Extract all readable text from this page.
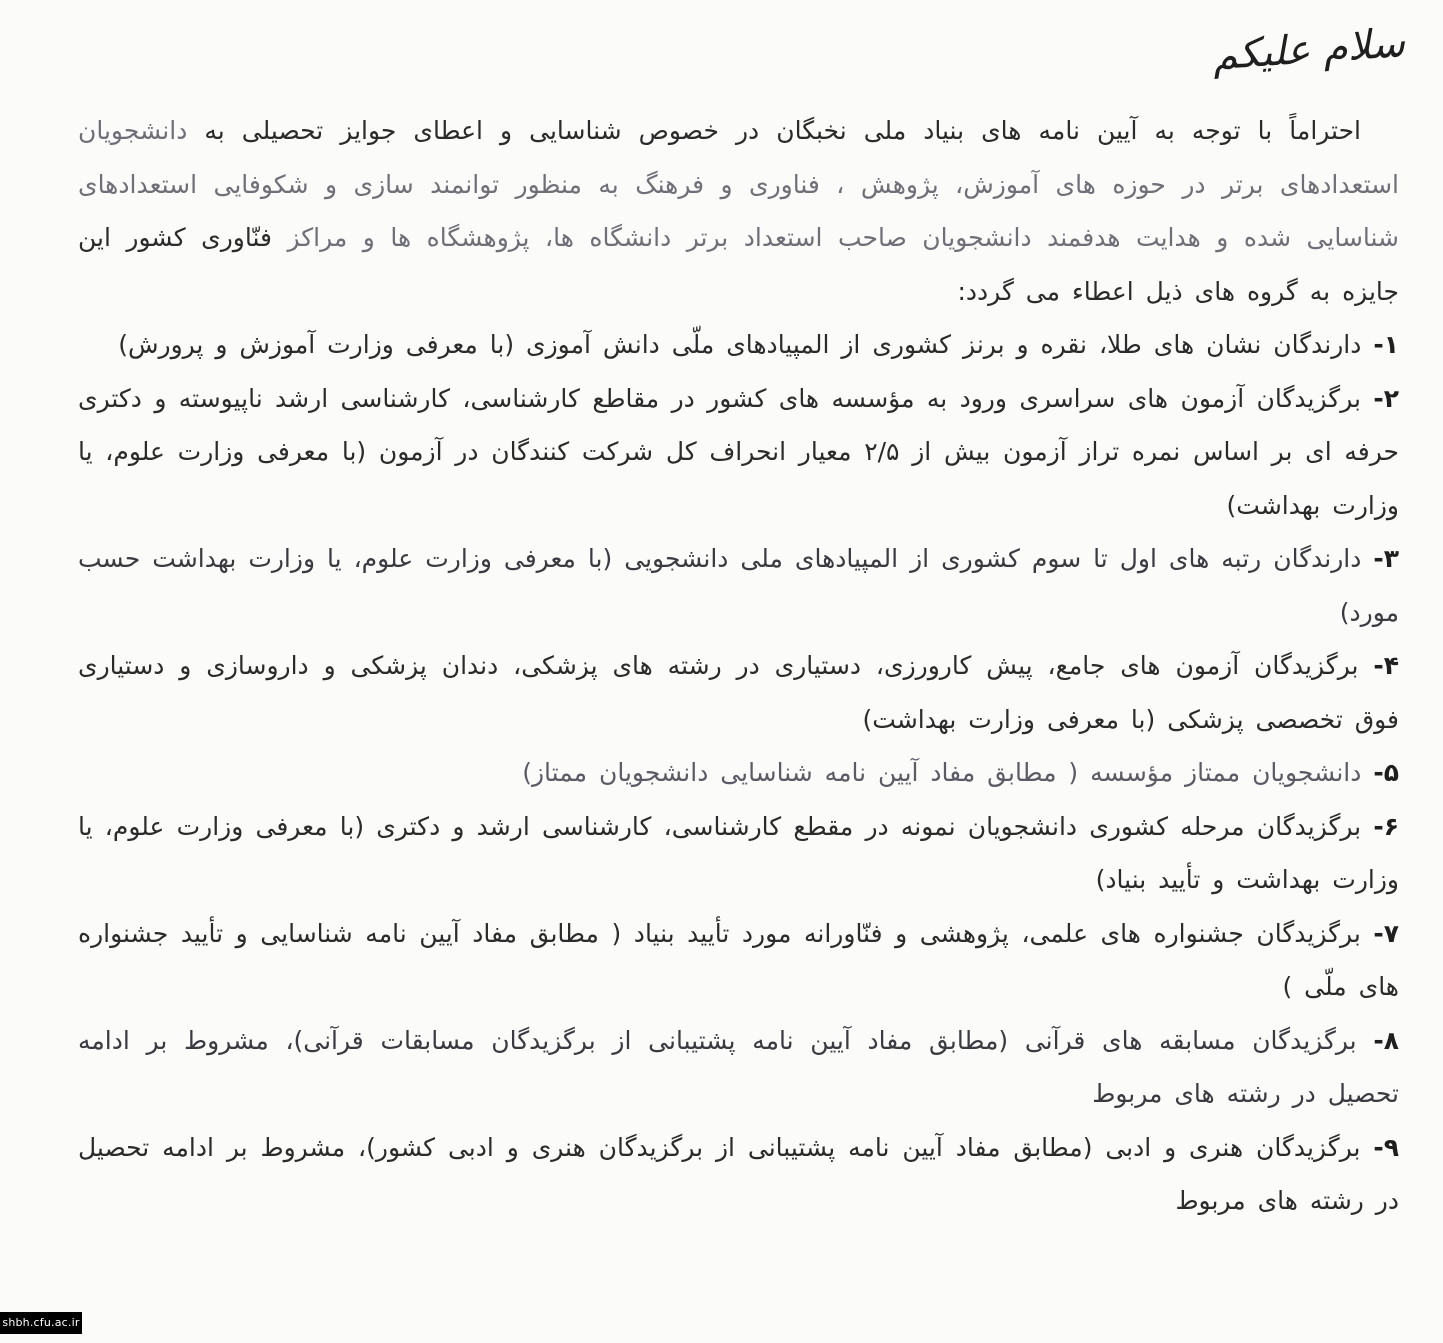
سلام علیکم

احتراماً با توجه به آیین نامه های بنیاد ملی نخبگان در خصوص شناسایی و اعطای جوایز تحصیلی به دانشجویان استعدادهای برتر در حوزه های آموزش، پژوهش ، فناوری و فرهنگ به منظور توانمند سازی و شکوفایی استعدادهای شناسایی شده و هدایت هدفمند دانشجویان صاحب استعداد برتر دانشگاه ها، پژوهشگاه ها و مراکز فنّاوری کشور این جایزه به گروه های ذیل اعطاء می گردد:

۱- دارندگان نشان های طلا، نقره و برنز کشوری از المپیادهای ملّی دانش آموزی (با معرفی وزارت آموزش و پرورش)

۲- برگزیدگان آزمون های سراسری ورود به مؤسسه های کشور در مقاطع کارشناسی، کارشناسی ارشد ناپیوسته و دکتری حرفه ای بر اساس نمره تراز آزمون بیش از ۲/۵ معیار انحراف کل شرکت کنندگان در آزمون (با معرفی وزارت علوم، یا وزارت بهداشت)

۳- دارندگان رتبه های اول تا سوم کشوری از المپیادهای ملی دانشجویی (با معرفی وزارت علوم، یا وزارت بهداشت حسب مورد)

۴- برگزیدگان آزمون های جامع، پیش کارورزی، دستیاری در رشته های پزشکی، دندان پزشکی و داروسازی و دستیاری فوق تخصصی پزشکی (با معرفی وزارت بهداشت)

۵- دانشجویان ممتاز مؤسسه ( مطابق مفاد آیین نامه شناسایی دانشجویان ممتاز)

۶- برگزیدگان مرحله کشوری دانشجویان نمونه در مقطع کارشناسی، کارشناسی ارشد و دکتری (با معرفی وزارت علوم، یا وزارت بهداشت و تأیید بنیاد)

۷- برگزیدگان جشنواره های علمی، پژوهشی و فنّاورانه مورد تأیید بنیاد ( مطابق مفاد آیین نامه شناسایی و تأیید جشنواره های ملّی )

۸- برگزیدگان مسابقه های قرآنی (مطابق مفاد آیین نامه پشتیبانی از برگزیدگان مسابقات قرآنی)، مشروط بر ادامه تحصیل در رشته های مربوط

۹- برگزیدگان هنری و ادبی (مطابق مفاد آیین نامه پشتیبانی از برگزیدگان هنری و ادبی کشور)، مشروط بر ادامه تحصیل در رشته های مربوط

shbh.cfu.ac.ir
